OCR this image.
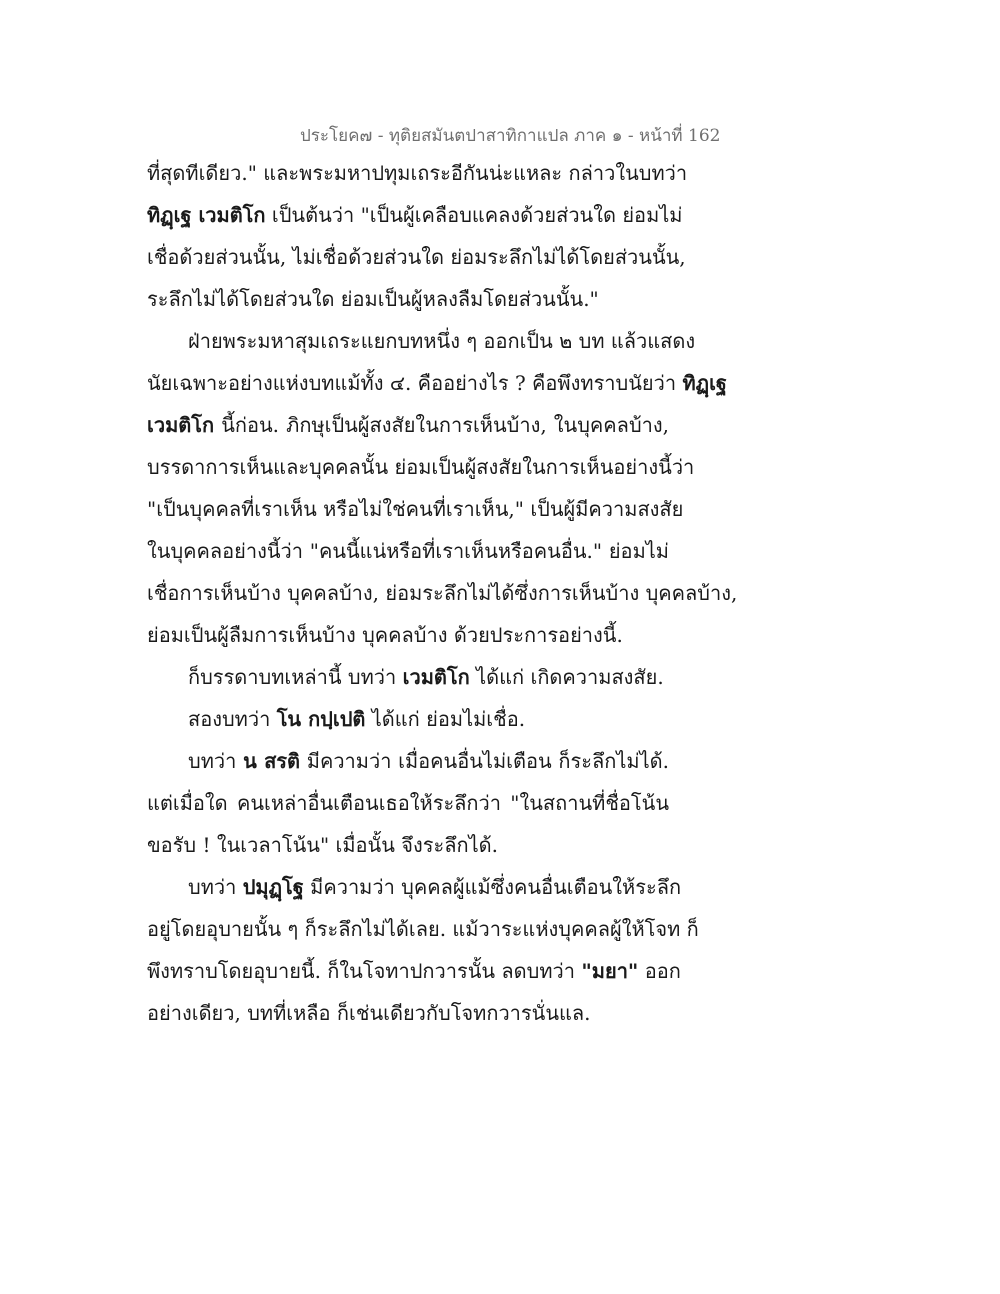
ประโยค๗ - ทุติยสมันตปาสาทิกาแปล ภาค ๑ - หน้าที่ 162
ที่สุดทีเดียว." และพระมหาปทุมเถระอีกันน่ะแหละ กล่าวในบทว่า
ทิฏฺเฐ เวมติโก เป็นต้นว่า "เป็นผู้เคลือบแคลงด้วยส่วนใด ย่อมไม่
เชื่อด้วยส่วนนั้น, ไม่เชื่อด้วยส่วนใด ย่อมระลึกไม่ได้โดยส่วนนั้น,
ระลึกไม่ได้โดยส่วนใด ย่อมเป็นผู้หลงลืมโดยส่วนนั้น."
ฝ่ายพระมหาสุมเถระแยกบทหนึ่ง ๆ ออกเป็น ๒ บท แล้วแสดง
นัยเฉพาะอย่างแห่งบทแม้ทั้ง ๔. คืออย่างไร ? คือพึงทราบนัยว่า ทิฏฺเฐ
เวมติโก นี้ก่อน. ภิกษุเป็นผู้สงสัยในการเห็นบ้าง, ในบุคคลบ้าง,
บรรดาการเห็นและบุคคลนั้น ย่อมเป็นผู้สงสัยในการเห็นอย่างนี้ว่า
"เป็นบุคคลที่เราเห็น หรือไม่ใช่คนที่เราเห็น," เป็นผู้มีความสงสัย
ในบุคคลอย่างนี้ว่า "คนนี้แน่หรือที่เราเห็นหรือคนอื่น." ย่อมไม่
เชื่อการเห็นบ้าง บุคคลบ้าง, ย่อมระลึกไม่ได้ซึ่งการเห็นบ้าง บุคคลบ้าง,
ย่อมเป็นผู้ลืมการเห็นบ้าง บุคคลบ้าง ด้วยประการอย่างนี้.
ก็บรรดาบทเหล่านี้ บทว่า เวมติโก ได้แก่ เกิดความสงสัย.
สองบทว่า โน กปฺเปติ ได้แก่ ย่อมไม่เชื่อ.
บทว่า น สรติ มีความว่า เมื่อคนอื่นไม่เตือน ก็ระลึกไม่ได้.
แต่เมื่อใด คนเหล่าอื่นเตือนเธอให้ระลึกว่า "ในสถานที่ชื่อโน้น
ขอรับ ! ในเวลาโน้น" เมื่อนั้น จึงระลึกได้.
บทว่า ปมุฏฺโฐ มีความว่า บุคคลผู้แม้ซึ่งคนอื่นเตือนให้ระลึก
อยู่โดยอุบายนั้น ๆ ก็ระลึกไม่ได้เลย. แม้วาระแห่งบุคคลผู้ให้โจท ก็
พึงทราบโดยอุบายนี้. ก็ในโจทาปกวารนั้น ลดบทว่า "มยา" ออก
อย่างเดียว, บทที่เหลือ ก็เช่นเดียวกับโจทกวารนั่นแล.
